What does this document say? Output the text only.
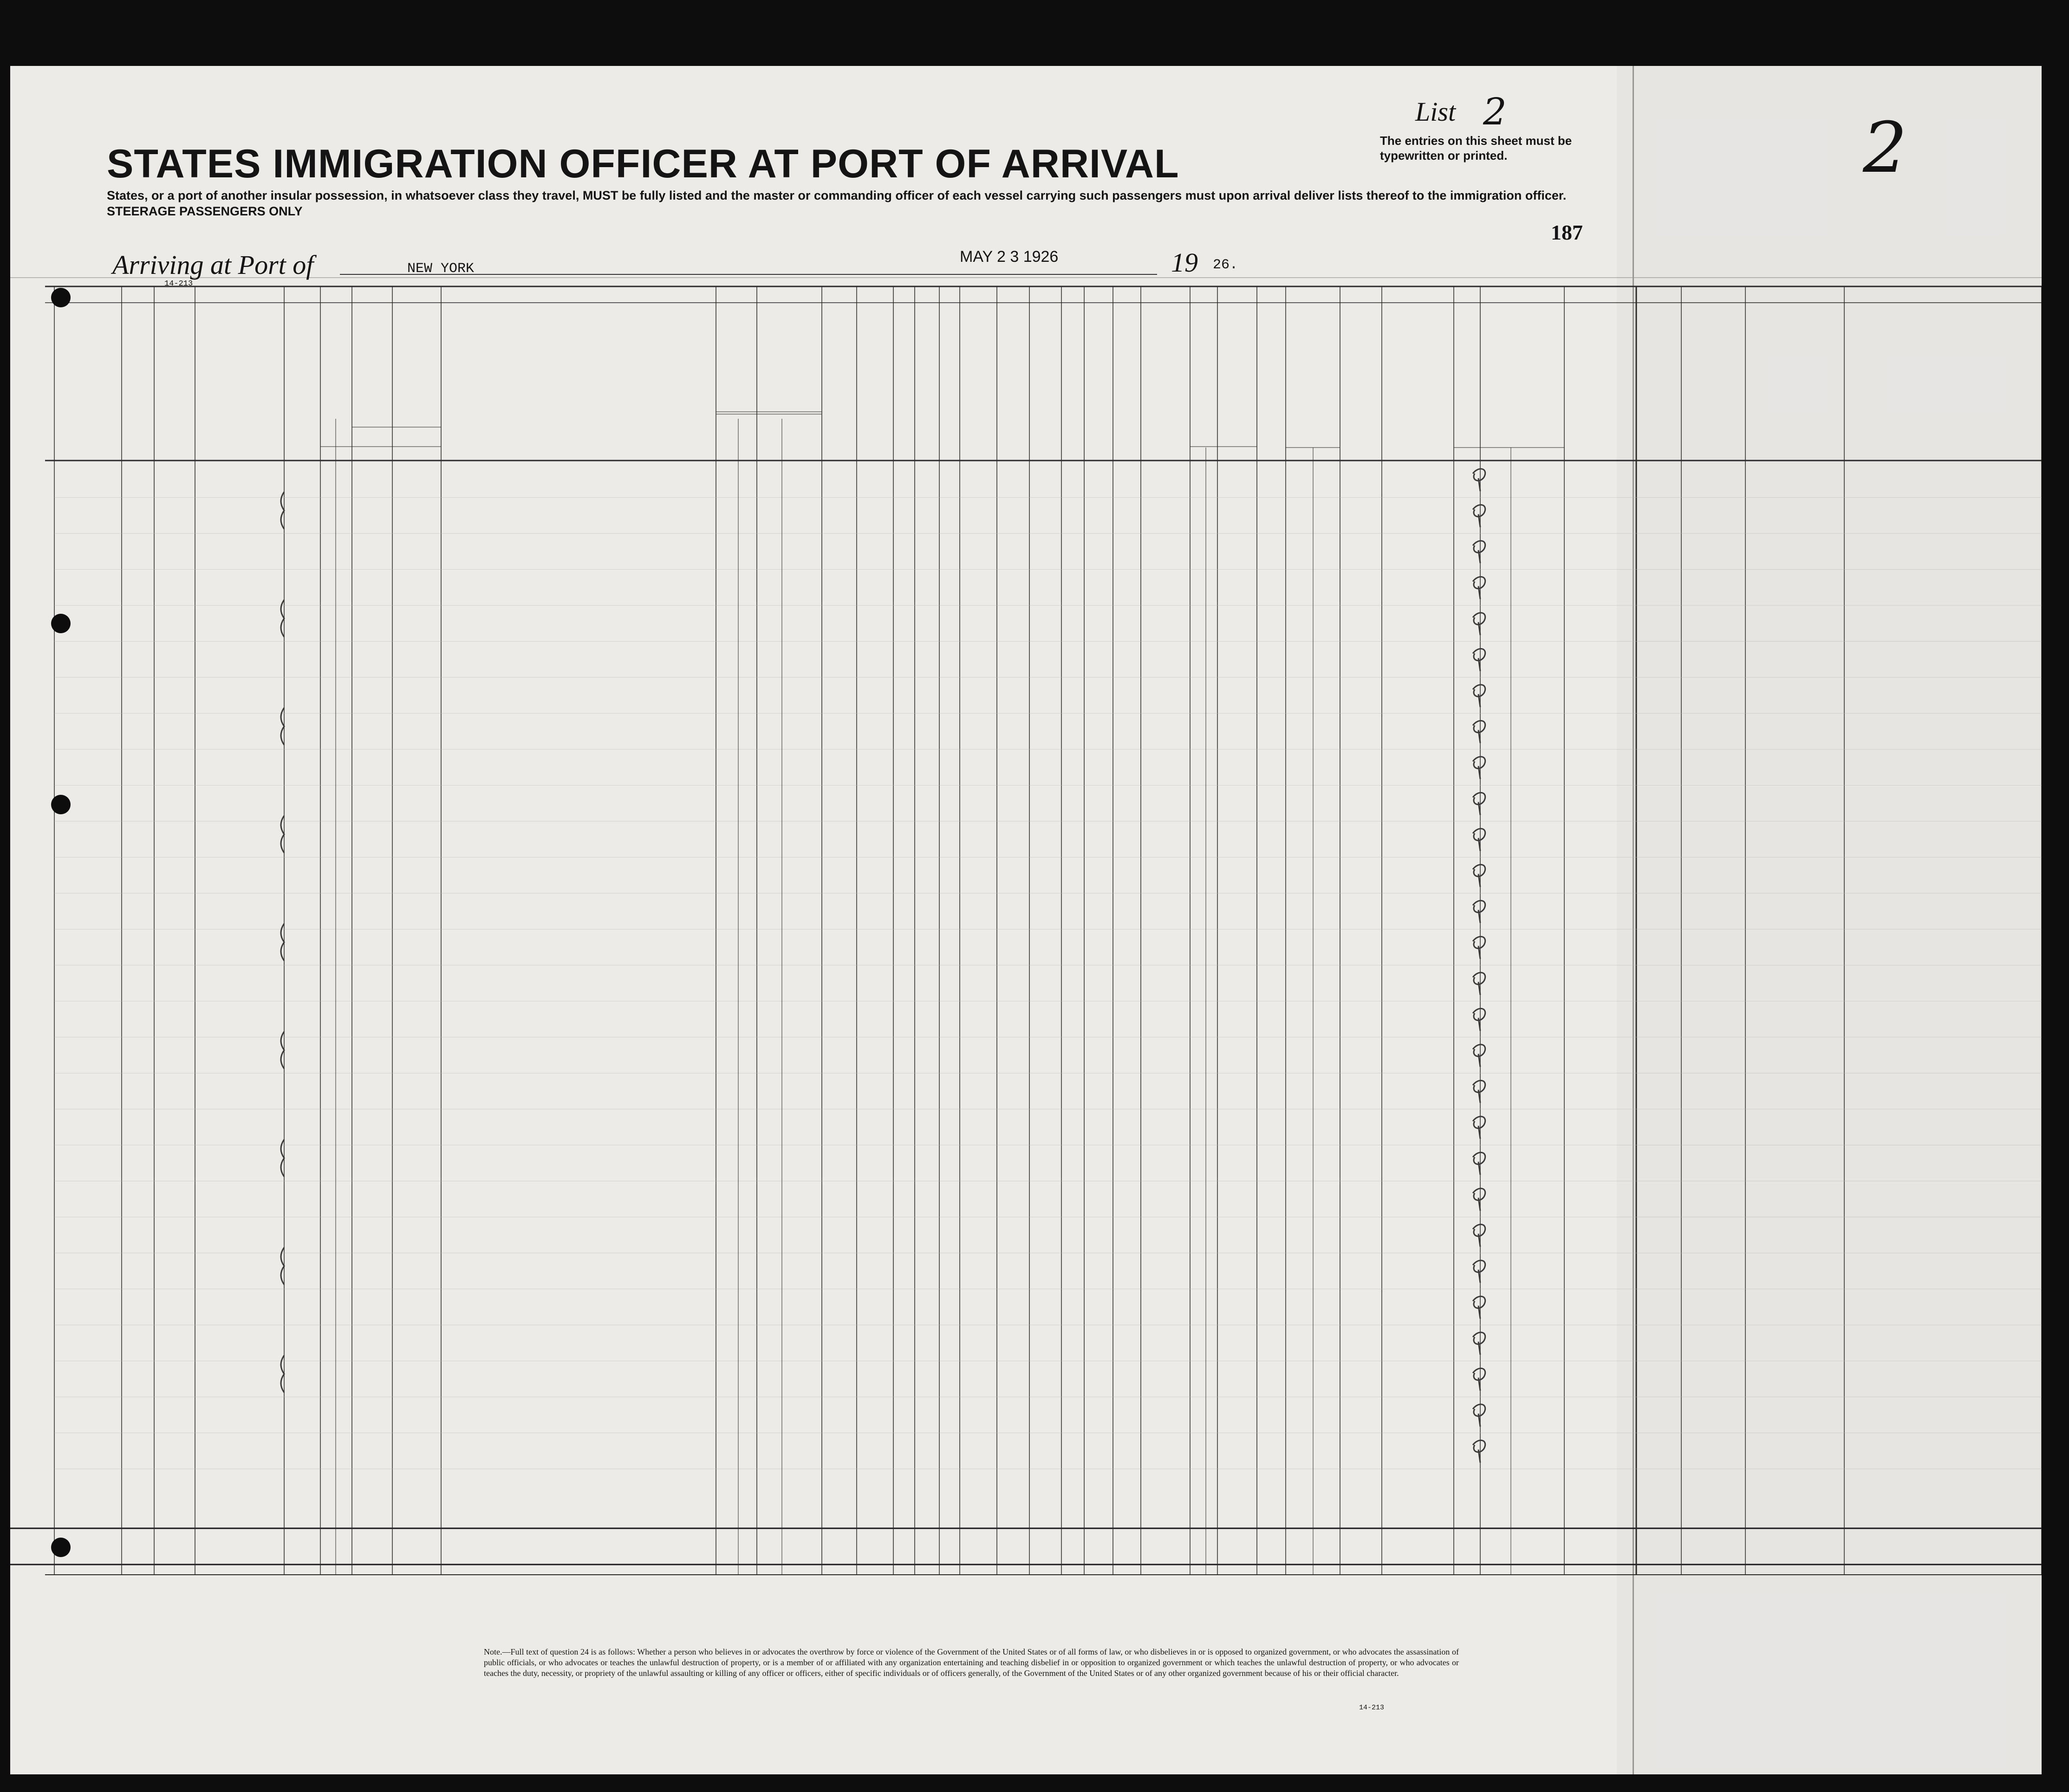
STATES IMMIGRATION OFFICER AT PORT OF ARRIVAL
States, or a port of another insular possession, in whatsoever class they travel, MUST be fully listed and the master or commanding officer of each vessel carrying such passengers must upon arrival deliver lists thereof to the immigration officer.
STEERAGE PASSENGERS ONLY
List 2
The entries on this sheet must be typewritten or printed.	2
Arriving at Port of	NEW YORK
MAY 2 3 1926	19 26.
187
14-213
Note.—Full text of question 24 is as follows: Whether a person who believes in or advocates the overthrow by force or violence of the Government of the United States or of all forms of law, or who disbelieves in or is opposed to organized government, or who advocates the assassination of public officials, or who advocates or teaches the unlawful destruction of property, or is a member of or affiliated with any organization entertaining and teaching disbelief in or opposition to organized government or which teaches the unlawful destruction of property, or who advocates or teaches the duty, necessity, or propriety of the unlawful assaulting or killing of any officer or officers, either of specific individuals or of officers generally, of the Government of the United States or of any other organized government because of his or their official character.
14-213
